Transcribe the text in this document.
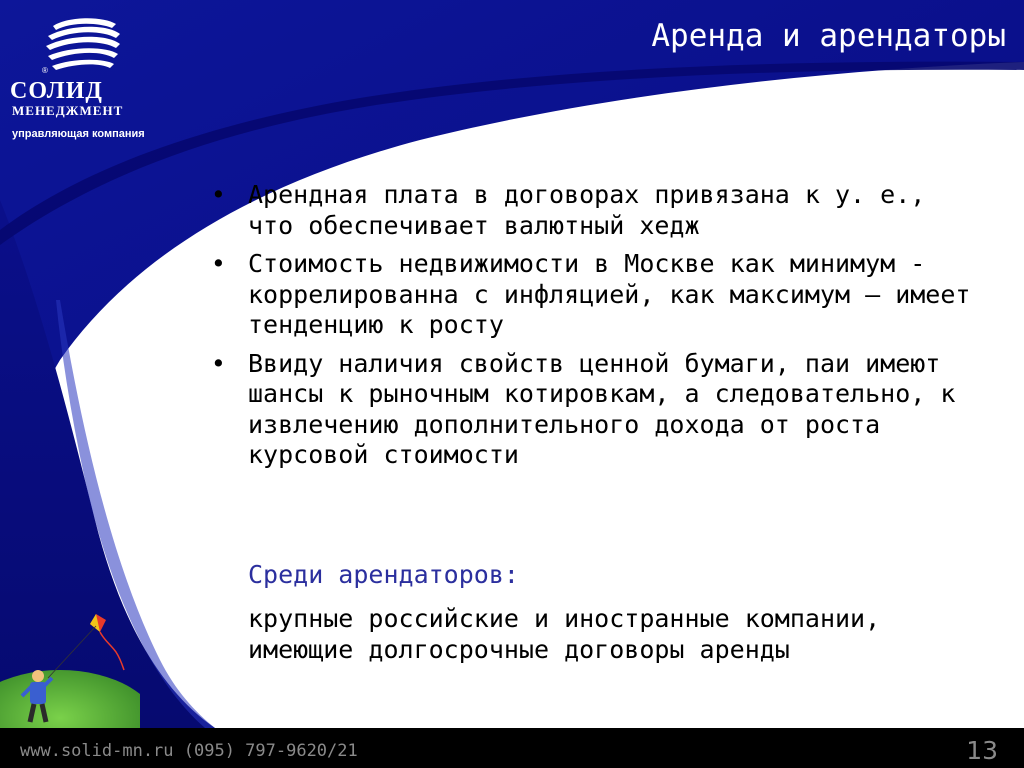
®
СОЛИД
МЕНЕДЖМЕНТ
управляющая компания
Аренда и арендаторы
• Арендная плата в договорах привязана к у. е., что обеспечивает валютный хедж
• Стоимость недвижимости в Москве как минимум - коррелированна с инфляцией, как максимум – имеет тенденцию к росту
• Ввиду наличия свойств ценной бумаги, паи имеют шансы к рыночным котировкам, а следовательно, к извлечению дополнительного дохода от роста курсовой стоимости
Среди арендаторов:
крупные российские и иностранные компании, имеющие долгосрочные договоры аренды
www.solid-mn.ru (095) 797-9620/21	13
